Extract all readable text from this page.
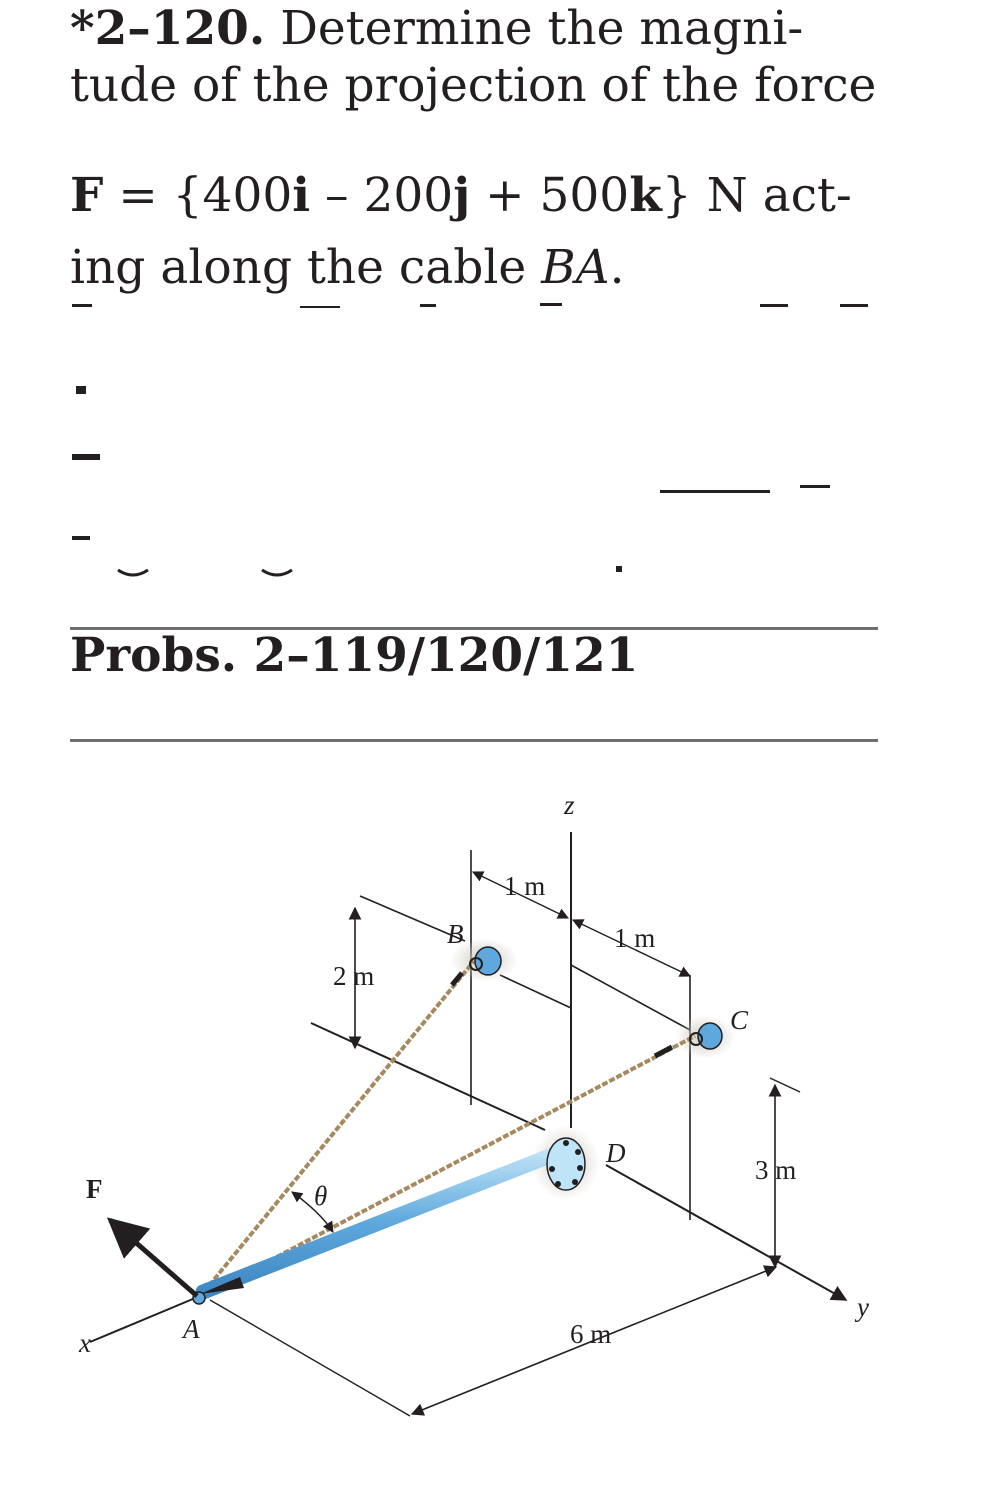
*2–120. Determine the magni-
tude of the projection of the force
F = {400i – 200j + 500k} N act-
ing along the cable BA.
Probs. 2–119/120/121
z
1 m
B	1 m
2 m
C
D
3 m
F	θ
y
A	6 m
x
